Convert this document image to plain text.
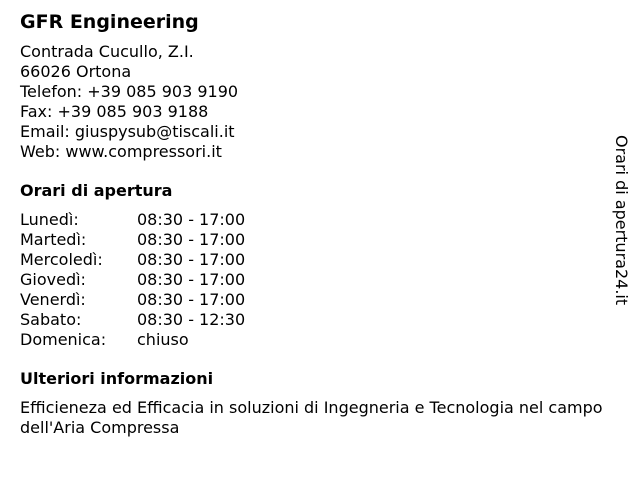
GFR Engineering
Contrada Cucullo, Z.I.
66026 Ortona
Telefon: +39 085 903 9190
Fax: +39 085 903 9188
Email: giuspysub@tiscali.it
Web: www.compressori.it
Orari di apertura
Lunedì:	08:30 - 17:00
Martedì:	08:30 - 17:00
Mercoledì: 08:30 - 17:00
Giovedì:	08:30 - 17:00
Venerdì:	08:30 - 17:00
Sabato:	08:30 - 12:30
Domenica: chiuso
Ulteriori informazioni
Efficieneza ed Efficacia in soluzioni di Ingegneria e Tecnologia nel campo dell'Aria Compressa
Orari di apertura24.it
